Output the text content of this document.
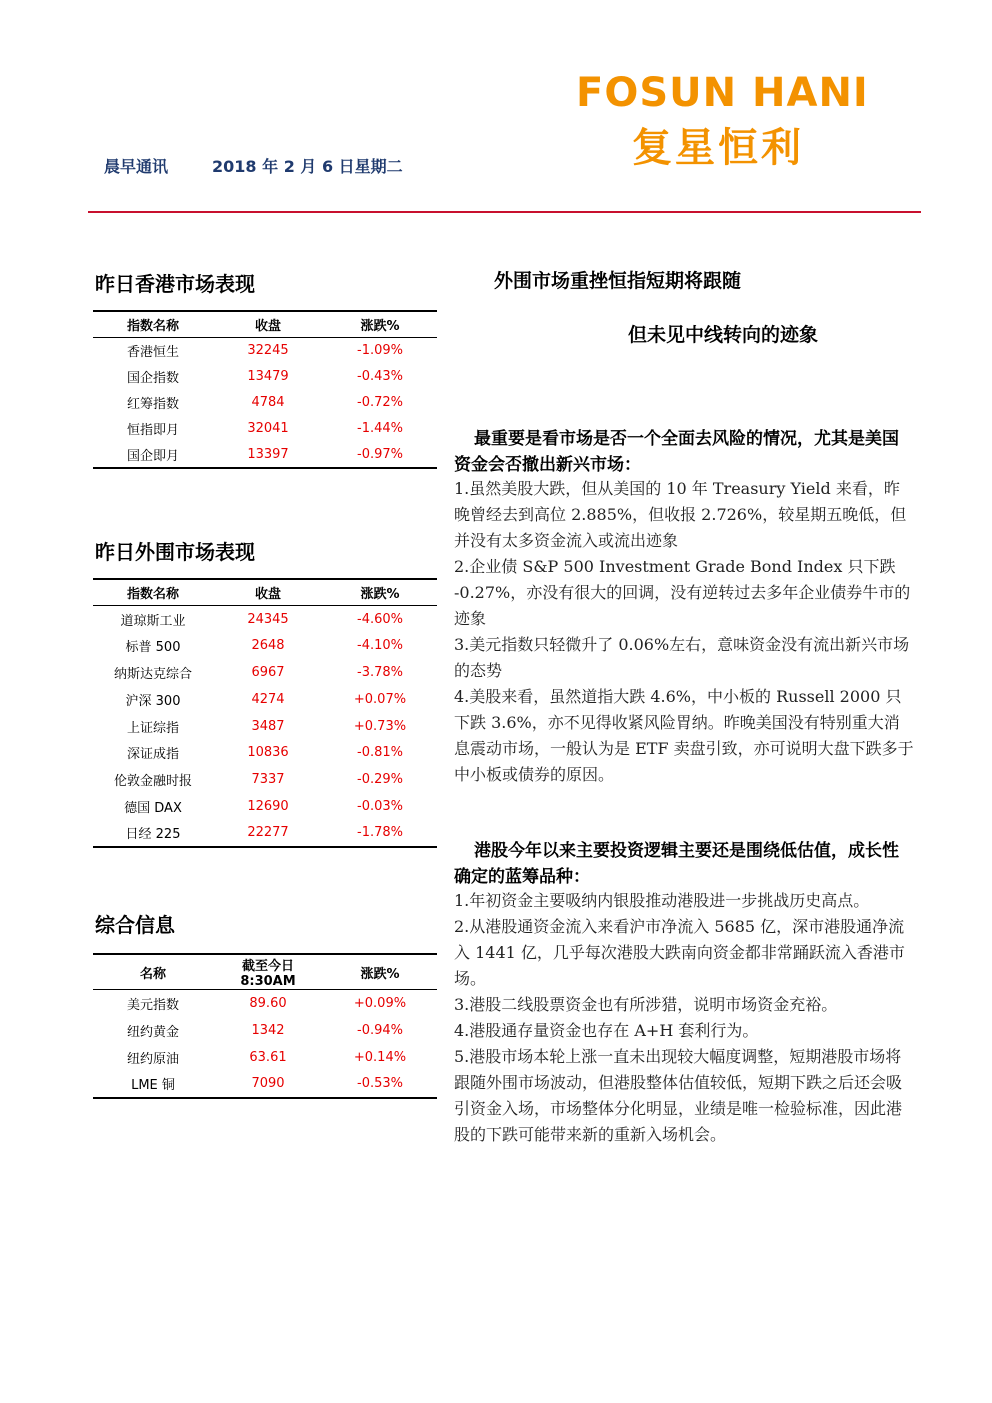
FOSUN HANI
复星恒利
晨早通讯	2018 年 2 月 6 日星期二
昨日香港市场表现
指数名称	收盘	涨跌%
香港恒生	32245	-1.09%
国企指数	13479	-0.43%
红筹指数	4784	-0.72%
恒指即月	32041	-1.44%
国企即月	13397	-0.97%
昨日外围市场表现
指数名称	收盘	涨跌%
道琼斯工业	24345	-4.60%
标普 500	2648	-4.10%
纳斯达克综合	6967	-3.78%
沪深 300	4274	+0.07%
上证综指	3487	+0.73%
深证成指	10836	-0.81%
伦敦金融时报	7337	-0.29%
德国 DAX	12690	-0.03%
日经 225	22277	-1.78%
综合信息
名称	截至今日 8:30AM	涨跌%
美元指数	89.60	+0.09%
纽约黄金	1342	-0.94%
纽约原油	63.61	+0.14%
LME 铜	7090	-0.53%
外围市场重挫恒指短期将跟随
但未见中线转向的迹象
最重要是看市场是否一个全面去风险的情况，尤其是美国资金会否撤出新兴市场：
1.虽然美股大跌，但从美国的 10 年 Treasury Yield 来看，昨晚曾经去到高位 2.885%，但收报 2.726%，较星期五晚低，但并没有太多资金流入或流出迹象
2.企业债 S&P 500 Investment Grade Bond Index 只下跌 -0.27%，亦没有很大的回调，没有逆转过去多年企业债券牛市的迹象
3.美元指数只轻微升了 0.06%左右，意味资金没有流出新兴市场的态势
4.美股来看，虽然道指大跌 4.6%，中小板的 Russell 2000 只下跌 3.6%，亦不见得收紧风险胃纳。昨晚美国没有特别重大消息震动市场，一般认为是 ETF 卖盘引致，亦可说明大盘下跌多于中小板或债券的原因。
港股今年以来主要投资逻辑主要还是围绕低估值，成长性确定的蓝筹品种：
1.年初资金主要吸纳内银股推动港股进一步挑战历史高点。
2.从港股通资金流入来看沪市净流入 5685 亿，深市港股通净流入 1441 亿，几乎每次港股大跌南向资金都非常踊跃流入香港市场。
3.港股二线股票资金也有所涉猎，说明市场资金充裕。
4.港股通存量资金也存在 A+H 套利行为。
5.港股市场本轮上涨一直未出现较大幅度调整，短期港股市场将跟随外围市场波动，但港股整体估值较低，短期下跌之后还会吸引资金入场，市场整体分化明显，业绩是唯一检验标准，因此港股的下跌可能带来新的重新入场机会。
